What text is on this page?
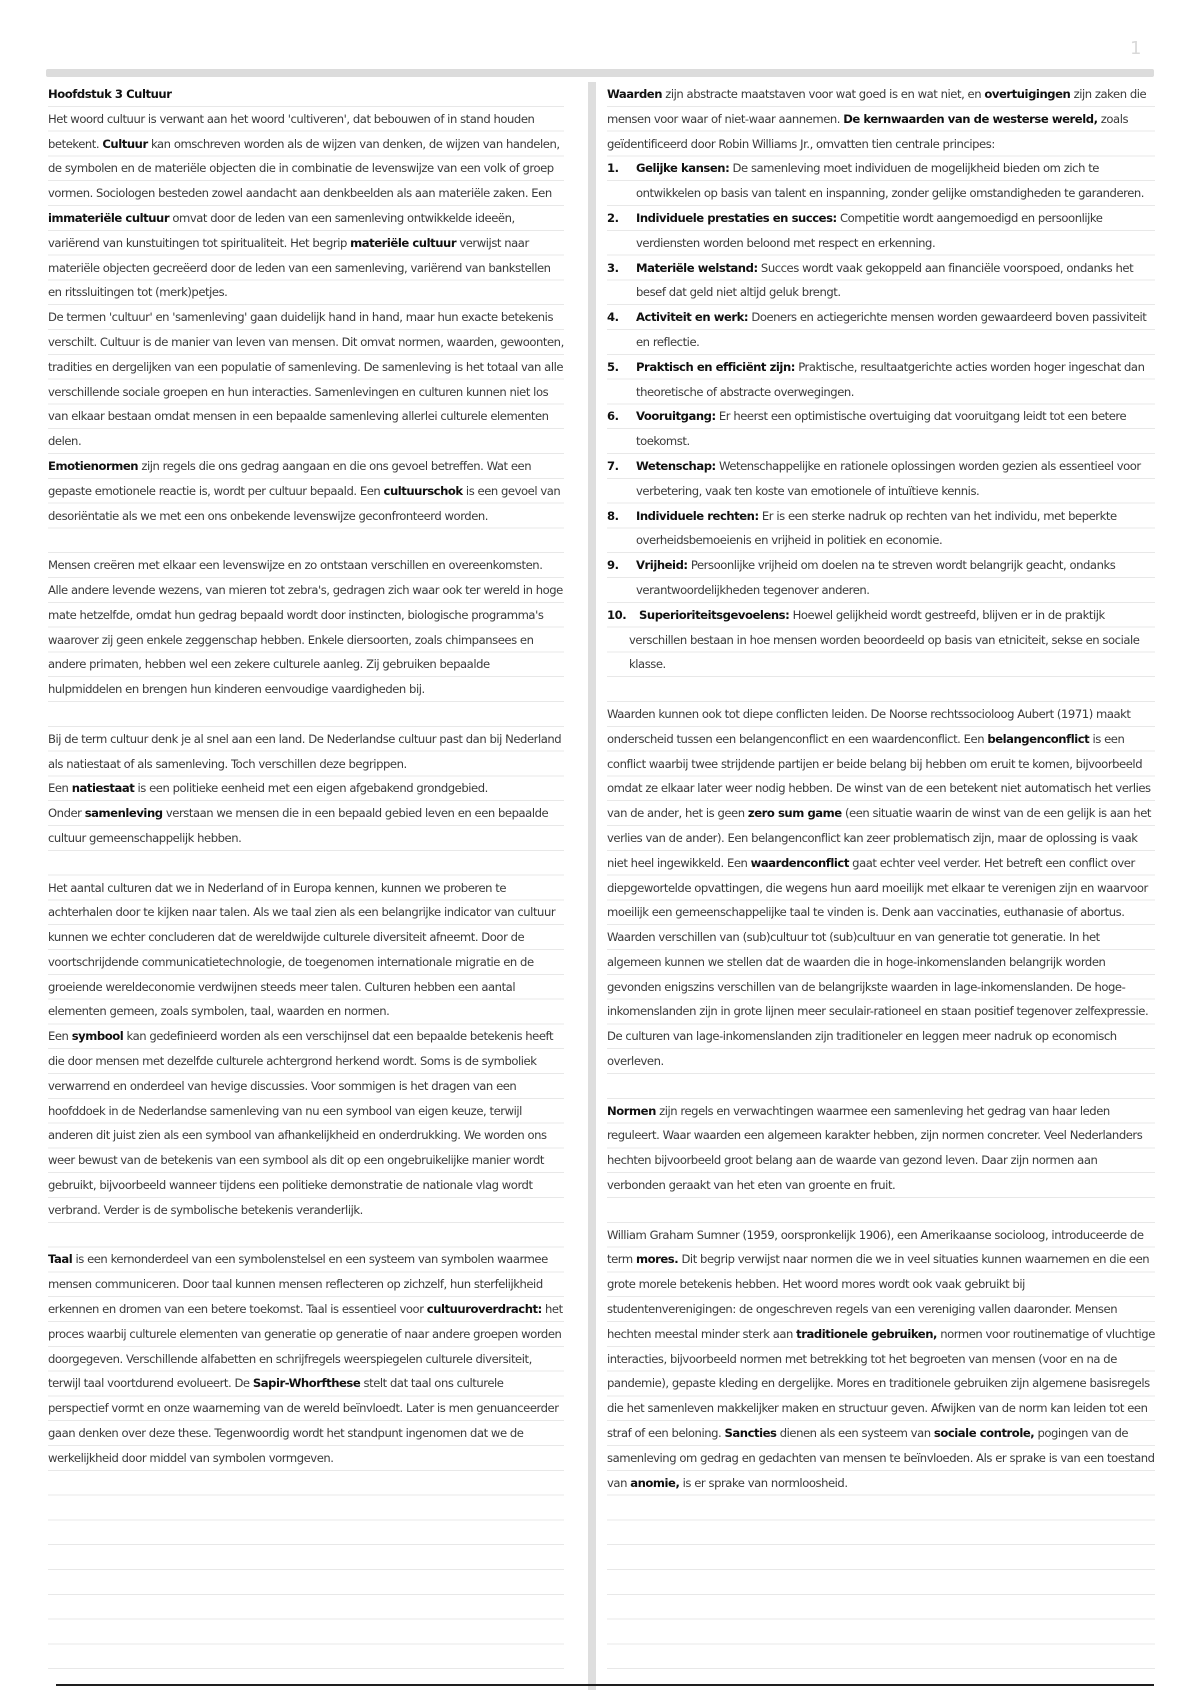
1

Hoofdstuk 3 Cultuur

Het woord cultuur is verwant aan het woord 'cultiveren', dat bebouwen of in stand houden betekent. Cultuur kan omschreven worden als de wijzen van denken, de wijzen van handelen, de symbolen en de materiële objecten die in combinatie de levenswijze van een volk of groep vormen. Sociologen besteden zowel aandacht aan denkbeelden als aan materiële zaken. Een immateriële cultuur omvat door de leden van een samenleving ontwikkelde ideeën, variërend van kunstuitingen tot spiritualiteit. Het begrip materiële cultuur verwijst naar materiële objecten gecreëerd door de leden van een samenleving, variërend van bankstellen en ritssluitingen tot (merk)petjes.

De termen 'cultuur' en 'samenleving' gaan duidelijk hand in hand, maar hun exacte betekenis verschilt. Cultuur is de manier van leven van mensen. Dit omvat normen, waarden, gewoonten, tradities en dergelijken van een populatie of samenleving. De samenleving is het totaal van alle verschillende sociale groepen en hun interacties. Samenlevingen en culturen kunnen niet los van elkaar bestaan omdat mensen in een bepaalde samenleving allerlei culturele elementen delen.

Emotienormen zijn regels die ons gedrag aangaan en die ons gevoel betreffen. Wat een gepaste emotionele reactie is, wordt per cultuur bepaald. Een cultuurschok is een gevoel van desoriëntatie als we met een ons onbekende levenswijze geconfronteerd worden.

Mensen creëren met elkaar een levenswijze en zo ontstaan verschillen en overeenkomsten. Alle andere levende wezens, van mieren tot zebra's, gedragen zich waar ook ter wereld in hoge mate hetzelfde, omdat hun gedrag bepaald wordt door instincten, biologische programma's waarover zij geen enkele zeggenschap hebben. Enkele diersoorten, zoals chimpansees en andere primaten, hebben wel een zekere culturele aanleg. Zij gebruiken bepaalde hulpmiddelen en brengen hun kinderen eenvoudige vaardigheden bij.

Bij de term cultuur denk je al snel aan een land. De Nederlandse cultuur past dan bij Nederland als natiestaat of als samenleving. Toch verschillen deze begrippen.

Een natiestaat is een politieke eenheid met een eigen afgebakend grondgebied.

Onder samenleving verstaan we mensen die in een bepaald gebied leven en een bepaalde cultuur gemeenschappelijk hebben.

Het aantal culturen dat we in Nederland of in Europa kennen, kunnen we proberen te achterhalen door te kijken naar talen. Als we taal zien als een belangrijke indicator van cultuur kunnen we echter concluderen dat de wereldwijde culturele diversiteit afneemt. Door de voortschrijdende communicatietechnologie, de toegenomen internationale migratie en de groeiende wereldeconomie verdwijnen steeds meer talen. Culturen hebben een aantal elementen gemeen, zoals symbolen, taal, waarden en normen.

Een symbool kan gedefinieerd worden als een verschijnsel dat een bepaalde betekenis heeft die door mensen met dezelfde culturele achtergrond herkend wordt. Soms is de symboliek verwarrend en onderdeel van hevige discussies. Voor sommigen is het dragen van een hoofddoek in de Nederlandse samenleving van nu een symbool van eigen keuze, terwijl anderen dit juist zien als een symbool van afhankelijkheid en onderdrukking. We worden ons weer bewust van de betekenis van een symbool als dit op een ongebruikelijke manier wordt gebruikt, bijvoorbeeld wanneer tijdens een politieke demonstratie de nationale vlag wordt verbrand. Verder is de symbolische betekenis veranderlijk.

Taal is een kernonderdeel van een symbolenstelsel en een systeem van symbolen waarmee mensen communiceren. Door taal kunnen mensen reflecteren op zichzelf, hun sterfelijkheid erkennen en dromen van een betere toekomst. Taal is essentieel voor cultuuroverdracht: het proces waarbij culturele elementen van generatie op generatie of naar andere groepen worden doorgegeven. Verschillende alfabetten en schrijfregels weerspiegelen culturele diversiteit, terwijl taal voortdurend evolueert. De Sapir-Whorfthese stelt dat taal ons culturele perspectief vormt en onze waarneming van de wereld beïnvloedt. Later is men genuanceerder gaan denken over deze these. Tegenwoordig wordt het standpunt ingenomen dat we de werkelijkheid door middel van symbolen vormgeven.

Waarden zijn abstracte maatstaven voor wat goed is en wat niet, en overtuigingen zijn zaken die mensen voor waar of niet-waar aannemen. De kernwaarden van de westerse wereld, zoals geïdentificeerd door Robin Williams Jr., omvatten tien centrale principes:

1. Gelijke kansen: De samenleving moet individuen de mogelijkheid bieden om zich te ontwikkelen op basis van talent en inspanning, zonder gelijke omstandigheden te garanderen.
2. Individuele prestaties en succes: Competitie wordt aangemoedigd en persoonlijke verdiensten worden beloond met respect en erkenning.
3. Materiële welstand: Succes wordt vaak gekoppeld aan financiële voorspoed, ondanks het besef dat geld niet altijd geluk brengt.
4. Activiteit en werk: Doeners en actiegerichte mensen worden gewaardeerd boven passiviteit en reflectie.
5. Praktisch en efficiënt zijn: Praktische, resultaatgerichte acties worden hoger ingeschat dan theoretische of abstracte overwegingen.
6. Vooruitgang: Er heerst een optimistische overtuiging dat vooruitgang leidt tot een betere toekomst.
7. Wetenschap: Wetenschappelijke en rationele oplossingen worden gezien als essentieel voor verbetering, vaak ten koste van emotionele of intuïtieve kennis.
8. Individuele rechten: Er is een sterke nadruk op rechten van het individu, met beperkte overheidsbemoeienis en vrijheid in politiek en economie.
9. Vrijheid: Persoonlijke vrijheid om doelen na te streven wordt belangrijk geacht, ondanks verantwoordelijkheden tegenover anderen.
10. Superioriteitsgevoelens: Hoewel gelijkheid wordt gestreefd, blijven er in de praktijk verschillen bestaan in hoe mensen worden beoordeeld op basis van etniciteit, sekse en sociale klasse.

Waarden kunnen ook tot diepe conflicten leiden. De Noorse rechtssocioloog Aubert (1971) maakt onderscheid tussen een belangenconflict en een waardenconflict. Een belangenconflict is een conflict waarbij twee strijdende partijen er beide belang bij hebben om eruit te komen, bijvoorbeeld omdat ze elkaar later weer nodig hebben. De winst van de een betekent niet automatisch het verlies van de ander, het is geen zero sum game (een situatie waarin de winst van de een gelijk is aan het verlies van de ander). Een belangenconflict kan zeer problematisch zijn, maar de oplossing is vaak niet heel ingewikkeld. Een waardenconflict gaat echter veel verder. Het betreft een conflict over diepgewortelde opvattingen, die wegens hun aard moeilijk met elkaar te verenigen zijn en waarvoor moeilijk een gemeenschappelijke taal te vinden is. Denk aan vaccinaties, euthanasie of abortus. Waarden verschillen van (sub)cultuur tot (sub)cultuur en van generatie tot generatie. In het algemeen kunnen we stellen dat de waarden die in hoge-inkomenslanden belangrijk worden gevonden enigszins verschillen van de belangrijkste waarden in lage-inkomenslanden. De hoge-inkomenslanden zijn in grote lijnen meer seculair-rationeel en staan positief tegenover zelfexpressie. De culturen van lage-inkomenslanden zijn traditioneler en leggen meer nadruk op economisch overleven.

Normen zijn regels en verwachtingen waarmee een samenleving het gedrag van haar leden reguleert. Waar waarden een algemeen karakter hebben, zijn normen concreter. Veel Nederlanders hechten bijvoorbeeld groot belang aan de waarde van gezond leven. Daar zijn normen aan verbonden geraakt van het eten van groente en fruit.

William Graham Sumner (1959, oorspronkelijk 1906), een Amerikaanse socioloog, introduceerde de term mores. Dit begrip verwijst naar normen die we in veel situaties kunnen waarnemen en die een grote morele betekenis hebben. Het woord mores wordt ook vaak gebruikt bij studentenverenigingen: de ongeschreven regels van een vereniging vallen daaronder. Mensen hechten meestal minder sterk aan traditionele gebruiken, normen voor routinematige of vluchtige interacties, bijvoorbeeld normen met betrekking tot het begroeten van mensen (voor en na de pandemie), gepaste kleding en dergelijke. Mores en traditionele gebruiken zijn algemene basisregels die het samenleven makkelijker maken en structuur geven. Afwijken van de norm kan leiden tot een straf of een beloning. Sancties dienen als een systeem van sociale controle, pogingen van de samenleving om gedrag en gedachten van mensen te beïnvloeden. Als er sprake is van een toestand van anomie, is er sprake van normloosheid.
